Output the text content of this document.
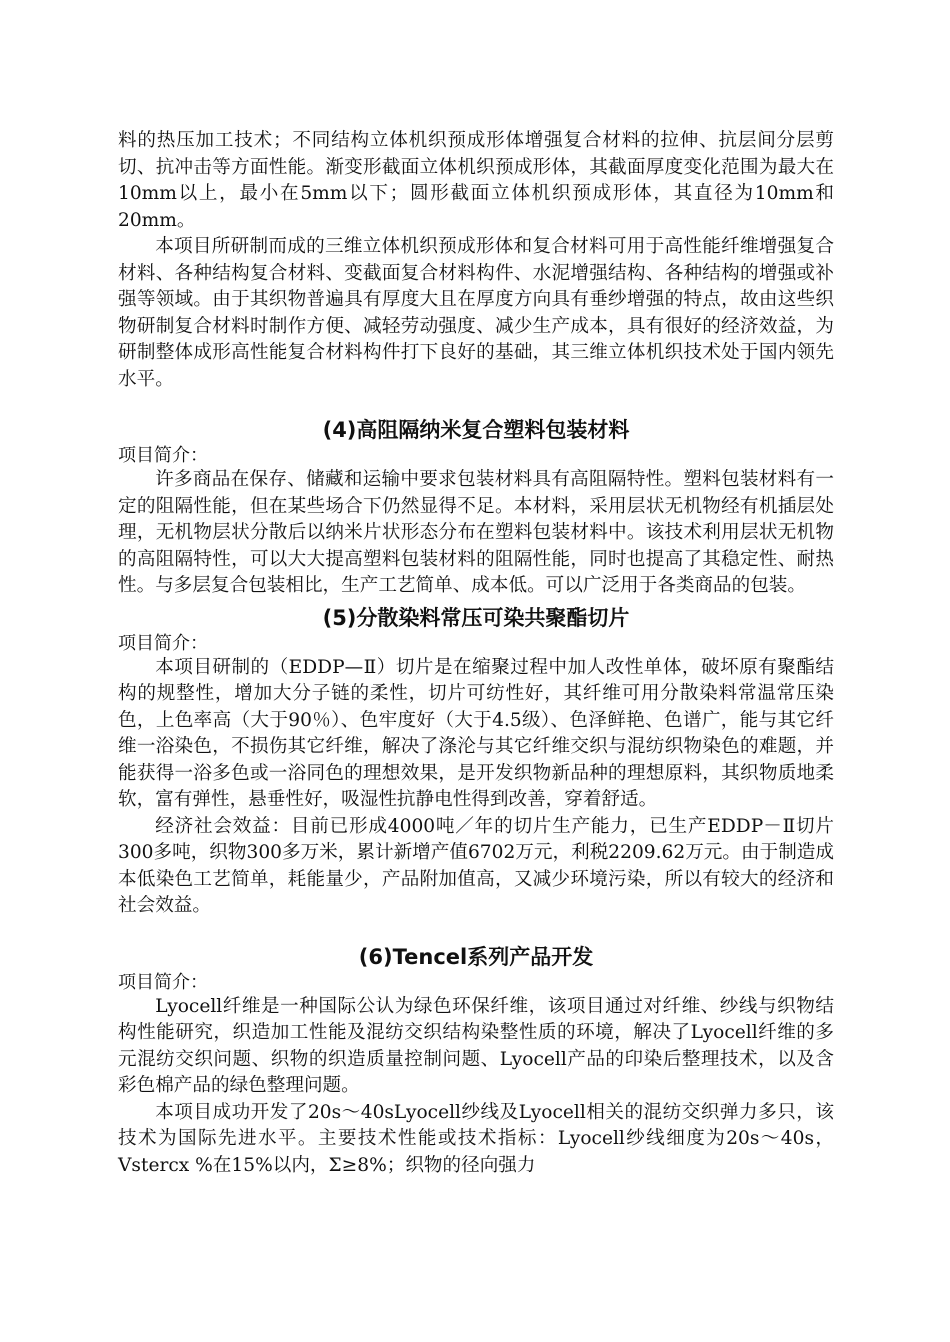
料的热压加工技术；不同结构立体机织预成形体增强复合材料的拉伸、抗层间分层剪切、抗冲击等方面性能。渐变形截面立体机织预成形体，其截面厚度变化范围为最大在10mm以上，最小在5mm以下；圆形截面立体机织预成形体，其直径为10mm和20mm。

本项目所研制而成的三维立体机织预成形体和复合材料可用于高性能纤维增强复合材料、各种结构复合材料、变截面复合材料构件、水泥增强结构、各种结构的增强或补强等领域。由于其织物普遍具有厚度大且在厚度方向具有垂纱增强的特点，故由这些织物研制复合材料时制作方便、减轻劳动强度、减少生产成本，具有很好的经济效益，为研制整体成形高性能复合材料构件打下良好的基础，其三维立体机织技术处于国内领先水平。

(4)高阻隔纳米复合塑料包装材料

项目简介：

许多商品在保存、储藏和运输中要求包装材料具有高阻隔特性。塑料包装材料有一定的阻隔性能，但在某些场合下仍然显得不足。本材料，采用层状无机物经有机插层处理，无机物层状分散后以纳米片状形态分布在塑料包装材料中。该技术利用层状无机物的高阻隔特性，可以大大提高塑料包装材料的阻隔性能，同时也提高了其稳定性、耐热性。与多层复合包装相比，生产工艺简单、成本低。可以广泛用于各类商品的包装。

(5)分散染料常压可染共聚酯切片

项目简介：

本项目研制的（EDDP—Ⅱ）切片是在缩聚过程中加人改性单体，破坏原有聚酯结构的规整性，增加大分子链的柔性，切片可纺性好，其纤维可用分散染料常温常压染色，上色率高（大于90％）、色牢度好（大于4.5级）、色泽鲜艳、色谱广，能与其它纤维一浴染色，不损伤其它纤维，解决了涤沦与其它纤维交织与混纺织物染色的难题，并能获得一浴多色或一浴同色的理想效果，是开发织物新品种的理想原料，其织物质地柔软，富有弹性，悬垂性好，吸湿性抗静电性得到改善，穿着舒适。

经济社会效益：目前已形成4000吨／年的切片生产能力，已生产EDDP－Ⅱ切片300多吨，织物300多万米，累计新增产值6702万元，利税2209.62万元。由于制造成本低染色工艺简单，耗能量少，产品附加值高，又减少环境污染，所以有较大的经济和社会效益。

(6)Tencel系列产品开发

项目简介：

Lyocell纤维是一种国际公认为绿色环保纤维，该项目通过对纤维、纱线与织物结构性能研究，织造加工性能及混纺交织结构染整性质的环境，解决了Lyocell纤维的多元混纺交织问题、织物的织造质量控制问题、Lyocell产品的印染后整理技术，以及含彩色棉产品的绿色整理问题。

本项目成功开发了20s～40sLyocell纱线及Lyocell相关的混纺交织弹力多只，该技术为国际先进水平。主要技术性能或技术指标：Lyocell纱线细度为20s～40s，Vstercx %在15%以内，Σ≥8%；织物的径向强力
